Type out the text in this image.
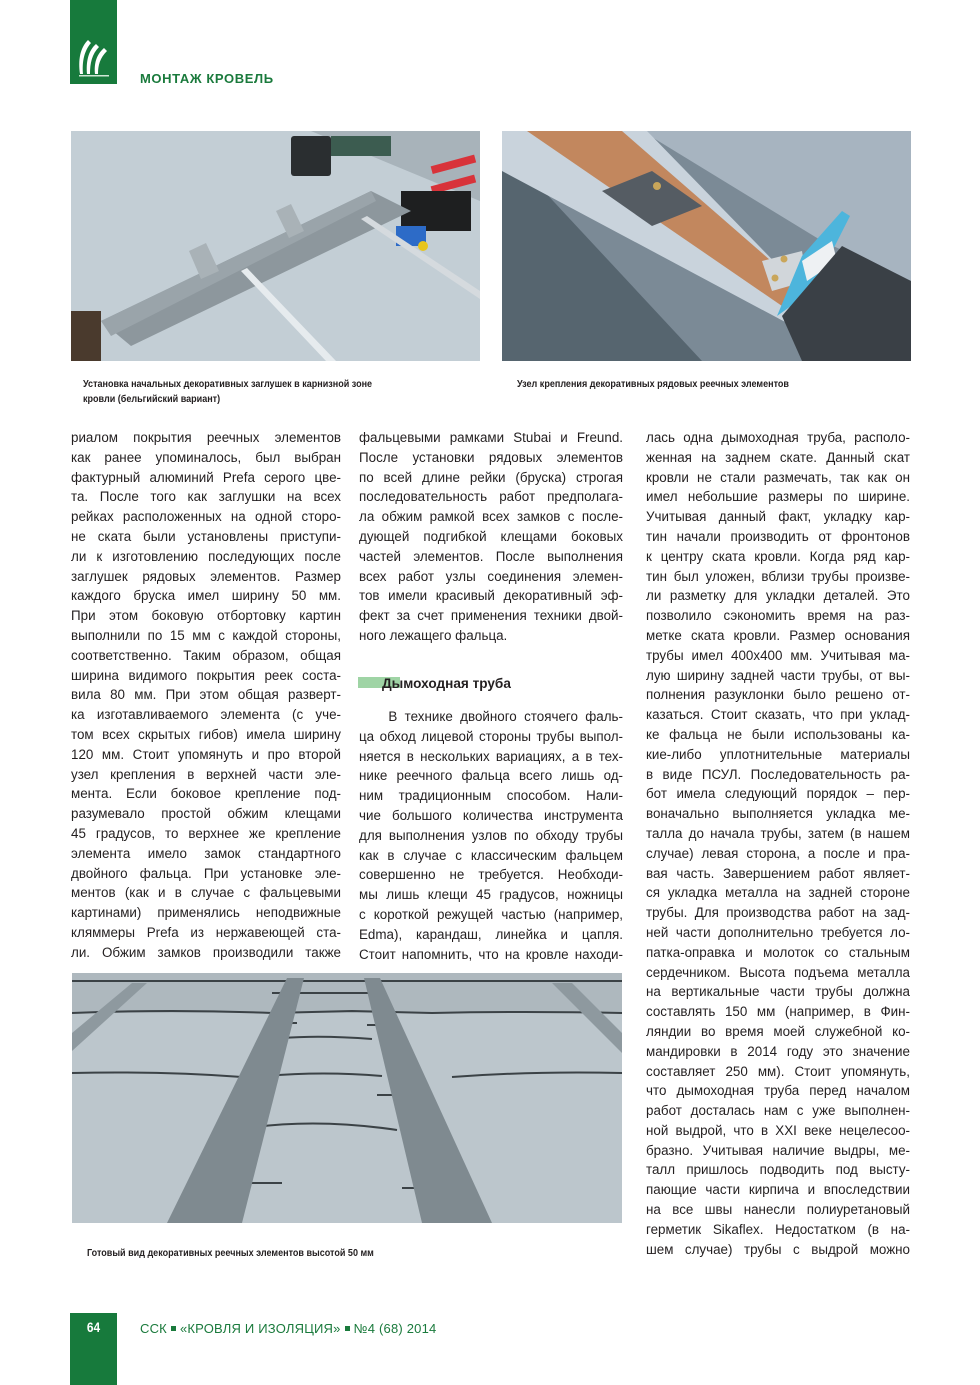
МОНТАЖ КРОВЕЛЬ
Установка начальных декоративных заглушек в карнизной зоне
кровли (бельгийский вариант)
Узел крепления декоративных рядовых реечных элементов
риалом покрытия реечных элементов
как ранее упоминалось, был выбран
фактурный алюминий Prefa серого цве-
та. После того как заглушки на всех
рейках расположенных на одной сторо-
не ската были установлены приступи-
ли к изготовлению последующих после
заглушек рядовых элементов. Размер
каждого бруска имел ширину 50 мм.
При этом боковую отбортовку картин
выполнили по 15 мм с каждой стороны,
соответственно. Таким образом, общая
ширина видимого покрытия реек соста-
вила 80 мм. При этом общая разверт-
ка изготавливаемого элемента (с уче-
том всех скрытых гибов) имела ширину
120 мм. Стоит упомянуть и про второй
узел крепления в верхней части эле-
мента. Если боковое крепление под-
разумевало простой обжим клещами
45 градусов, то верхнее же крепление
элемента имело замок стандартного
двойного фальца. При установке эле-
ментов (как и в случае с фальцевыми
картинами) применялись неподвижные
кляммеры Prefa из нержавеющей ста-
ли. Обжим замков производили также
фальцевыми рамками Stubai и Freund.
После установки рядовых элементов
по всей длине рейки (бруска) строгая
последовательность работ предполага-
ла обжим рамкой всех замков с после-
дующей подгибкой клещами боковых
частей элементов. После выполнения
всех работ узлы соединения элемен-
тов имели красивый декоративный эф-
фект за счет применения техники двой-
ного лежащего фальца.
Дымоходная труба
В технике двойного стоячего фаль-
ца обход лицевой стороны трубы выпол-
няется в нескольких вариациях, а в тех-
нике реечного фальца всего лишь од-
ним традиционным способом. Нали-
чие большого количества инструмента
для выполнения узлов по обходу трубы
как в случае с классическим фальцем
совершенно не требуется. Необходи-
мы лишь клещи 45 градусов, ножницы
с короткой режущей частью (например,
Edma), карандаш, линейка и цапля.
Стоит напомнить, что на кровле находи-
лась одна дымоходная труба, располо-
женная на заднем скате. Данный скат
кровли не стали размечать, так как он
имел небольшие размеры по ширине.
Учитывая данный факт, укладку кар-
тин начали производить от фронтонов
к центру ската кровли. Когда ряд кар-
тин был уложен, вблизи трубы произве-
ли разметку для укладки деталей. Это
позволило сэкономить время на раз-
метке ската кровли. Размер основания
трубы имел 400х400 мм. Учитывая ма-
лую ширину задней части трубы, от вы-
полнения разуклонки было решено от-
казаться. Стоит сказать, что при уклад-
ке фальца не были использованы ка-
кие-либо уплотнительные материалы
в виде ПСУЛ. Последовательность ра-
бот имела следующий порядок – пер-
воначально выполняется укладка ме-
талла до начала трубы, затем (в нашем
случае) левая сторона, а после и пра-
вая часть. Завершением работ являет-
ся укладка металла на задней стороне
трубы. Для производства работ на зад-
ней части дополнительно требуется ло-
патка-оправка и молоток со стальным
сердечником. Высота подъема металла
на вертикальные части трубы должна
составлять 150 мм (например, в Фин-
ляндии во время моей служебной ко-
мандировки в 2014 году это значение
составляет 250 мм). Стоит упомянуть,
что дымоходная труба перед началом
работ досталась нам с уже выполнен-
ной выдрой, что в XXI веке нецелесоо-
бразно. Учитывая наличие выдры, ме-
талл пришлось подводить под высту-
пающие части кирпича и впоследствии
на все швы нанесли полиуретановый
герметик Sikaflex. Недостатком (в на-
шем случае) трубы с выдрой можно
Готовый вид декоративных реечных элементов высотой 50 мм
64	ССК «КРОВЛЯ И ИЗОЛЯЦИЯ» №4 (68) 2014
